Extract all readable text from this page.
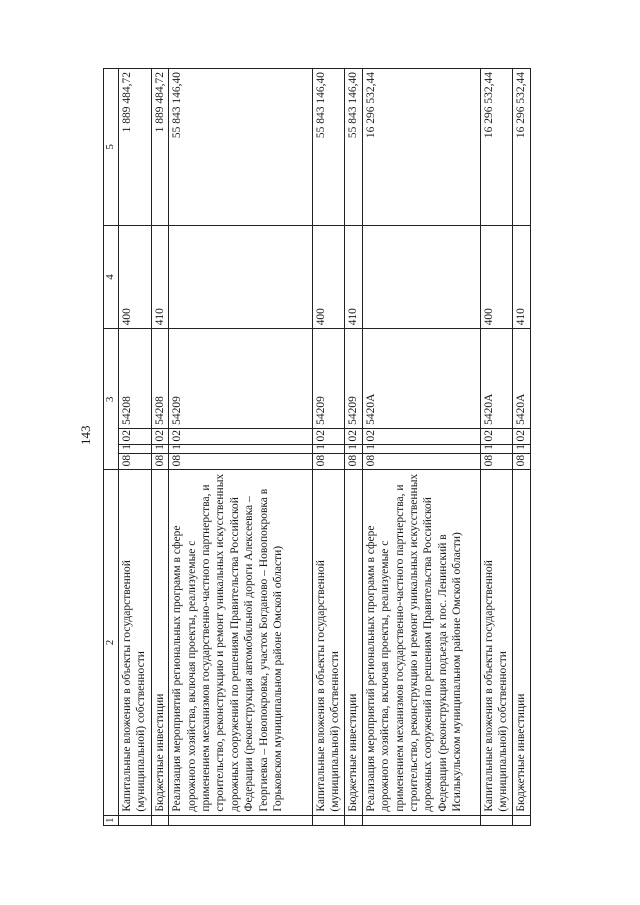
143
1	2	3				4	5
	Капитальные вложения в объекты государственной (муниципальной) собственности	08	1	02	54208	400	1 889 484,72
	Бюджетные инвестиции	08	1	02	54208	410	1 889 484,72
	Реализация мероприятий региональных программ в сфере дорожного хозяйства, включая проекты, реализуемые с применением механизмов государственно-частного партнерства, и строительство, реконструкцию и ремонт уникальных искусственных дорожных сооружений по решениям Правительства Российской Федерации (реконструкция автомобильной дороги Алексеевка – Георгиевка – Новопокровка, участок Богданово – Новопокровка в Горьковском муниципальном районе Омской области)	08	1	02	54209		55 843 146,40
	Капитальные вложения в объекты государственной (муниципальной) собственности	08	1	02	54209	400	55 843 146,40
	Бюджетные инвестиции	08	1	02	54209	410	55 843 146,40
	Реализация мероприятий региональных программ в сфере дорожного хозяйства, включая проекты, реализуемые с применением механизмов государственно-частного партнерства, и строительство, реконструкцию и ремонт уникальных искусственных дорожных сооружений по решениям Правительства Российской Федерации (реконструкция подъезда к пос. Ленинский в Исилькульском муниципальном районе Омской области)	08	1	02	5420А		16 296 532,44
	Капитальные вложения в объекты государственной (муниципальной) собственности	08	1	02	5420А	400	16 296 532,44
	Бюджетные инвестиции	08	1	02	5420А	410	16 296 532,44
